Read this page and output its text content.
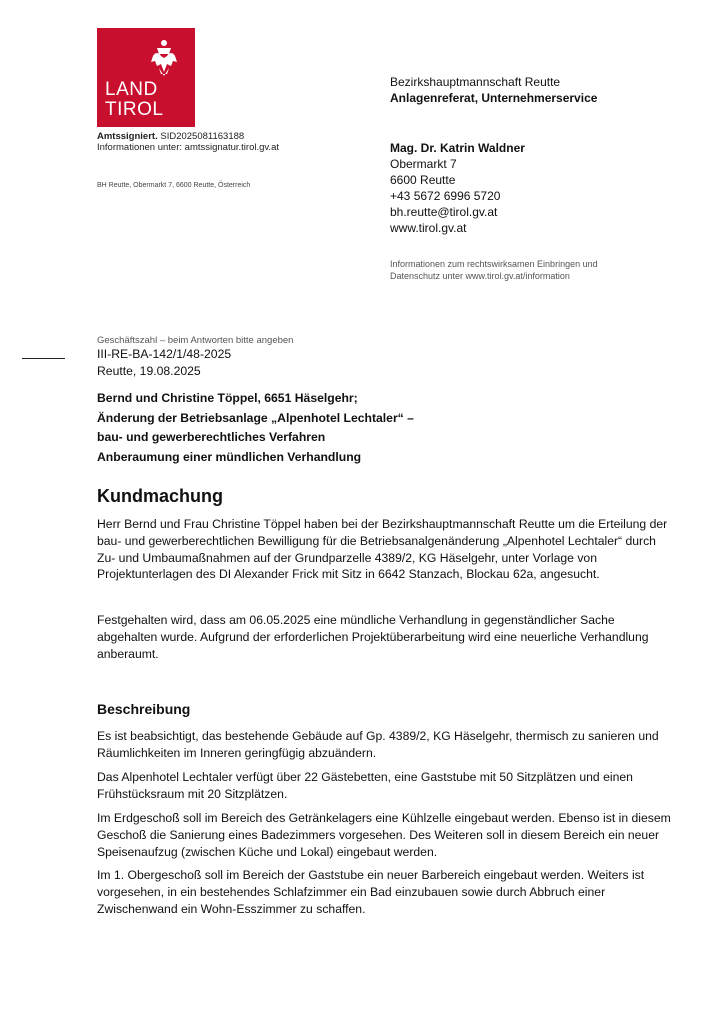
LAND
TIROL
Amtssigniert. SID2025081163188
Informationen unter: amtssignatur.tirol.gv.at
BH Reutte, Obermarkt 7, 6600 Reutte, Österreich
Bezirkshauptmannschaft Reutte
Anlagenreferat, Unternehmerservice
Mag. Dr. Katrin Waldner
Obermarkt 7
6600 Reutte
+43 5672 6996 5720
bh.reutte@tirol.gv.at
www.tirol.gv.at
Informationen zum rechtswirksamen Einbringen und
Datenschutz unter www.tirol.gv.at/information
Geschäftszahl – beim Antworten bitte angeben
III-RE-BA-142/1/48-2025
Reutte, 19.08.2025
Bernd und Christine Töppel, 6651 Häselgehr;
Änderung der Betriebsanlage „Alpenhotel Lechtaler“ –
bau- und gewerberechtliches Verfahren
Anberaumung einer mündlichen Verhandlung
Kundmachung
Herr Bernd und Frau Christine Töppel haben bei der Bezirkshauptmannschaft Reutte um die Erteilung der
bau- und gewerberechtlichen Bewilligung für die Betriebsanalgenänderung „Alpenhotel Lechtaler“ durch
Zu- und Umbaumaßnahmen auf der Grundparzelle 4389/2, KG Häselgehr, unter Vorlage von
Projektunterlagen des DI Alexander Frick mit Sitz in 6642 Stanzach, Blockau 62a, angesucht.
Festgehalten wird, dass am 06.05.2025 eine mündliche Verhandlung in gegenständlicher Sache
abgehalten wurde. Aufgrund der erforderlichen Projektüberarbeitung wird eine neuerliche Verhandlung
anberaumt.
Beschreibung
Es ist beabsichtigt, das bestehende Gebäude auf Gp. 4389/2, KG Häselgehr, thermisch zu sanieren und
Räumlichkeiten im Inneren geringfügig abzuändern.
Das Alpenhotel Lechtaler verfügt über 22 Gästebetten, eine Gaststube mit 50 Sitzplätzen und einen
Frühstücksraum mit 20 Sitzplätzen.
Im Erdgeschoß soll im Bereich des Getränkelagers eine Kühlzelle eingebaut werden. Ebenso ist in diesem
Geschoß die Sanierung eines Badezimmers vorgesehen. Des Weiteren soll in diesem Bereich ein neuer
Speisenaufzug (zwischen Küche und Lokal) eingebaut werden.
Im 1. Obergeschoß soll im Bereich der Gaststube ein neuer Barbereich eingebaut werden. Weiters ist
vorgesehen, in ein bestehendes Schlafzimmer ein Bad einzubauen sowie durch Abbruch einer
Zwischenwand ein Wohn-Esszimmer zu schaffen.
